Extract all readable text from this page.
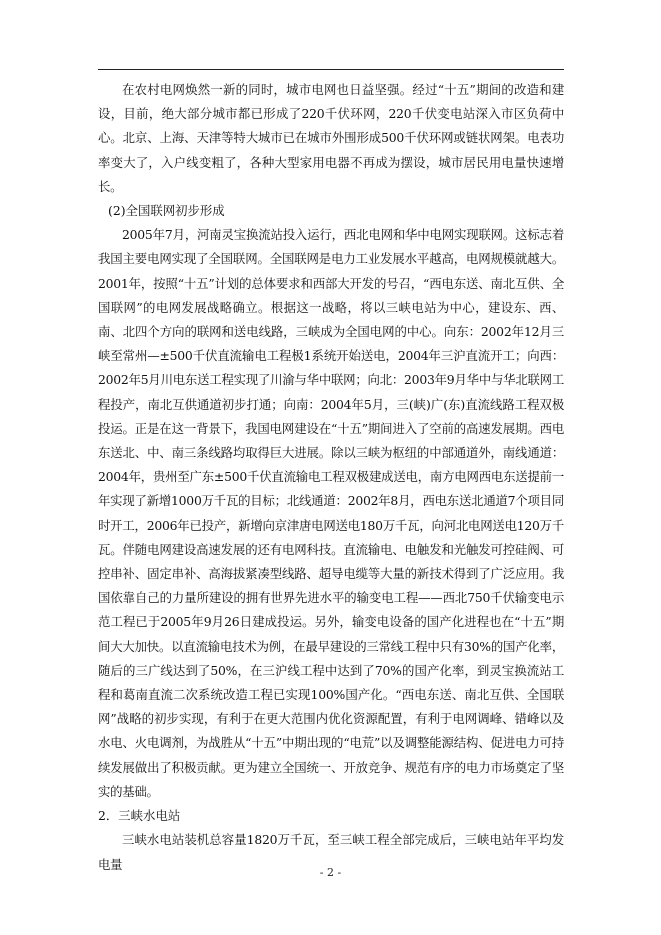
在农村电网焕然一新的同时，城市电网也日益坚强。经过“十五”期间的改造和建设，目前，绝大部分城市都已形成了220千伏环网，220千伏变电站深入市区负荷中心。北京、上海、天津等特大城市已在城市外围形成500千伏环网或链状网架。电表功率变大了，入户线变粗了，各种大型家用电器不再成为摆设，城市居民用电量快速增长。

(2)全国联网初步形成

2005年7月，河南灵宝换流站投入运行，西北电网和华中电网实现联网。这标志着我国主要电网实现了全国联网。全国联网是电力工业发展水平越高，电网规模就越大。2001年，按照“十五”计划的总体要求和西部大开发的号召，“西电东送、南北互供、全国联网”的电网发展战略确立。根据这一战略，将以三峡电站为中心，建设东、西、南、北四个方向的联网和送电线路，三峡成为全国电网的中心。向东：2002年12月三峡至常州—±500千伏直流输电工程极1系统开始送电，2004年三沪直流开工；向西：2002年5月川电东送工程实现了川渝与华中联网；向北：2003年9月华中与华北联网工程投产，南北互供通道初步打通；向南：2004年5月，三(峡)广(东)直流线路工程双极投运。正是在这一背景下，我国电网建设在“十五”期间进入了空前的高速发展期。西电东送北、中、南三条线路均取得巨大进展。除以三峡为枢纽的中部通道外，南线通道：2004年，贵州至广东±500千伏直流输电工程双极建成送电，南方电网西电东送提前一年实现了新增1000万千瓦的目标；北线通道：2002年8月，西电东送北通道7个项目同时开工，2006年已投产，新增向京津唐电网送电180万千瓦，向河北电网送电120万千瓦。伴随电网建设高速发展的还有电网科技。直流输电、电触发和光触发可控硅阀、可控串补、固定串补、高海拔紧凑型线路、超导电缆等大量的新技术得到了广泛应用。我国依靠自己的力量所建设的拥有世界先进水平的输变电工程——西北750千伏输变电示范工程已于2005年9月26日建成投运。另外，输变电设备的国产化进程也在“十五”期间大大加快。以直流输电技术为例，在最早建设的三常线工程中只有30%的国产化率，随后的三广线达到了50%，在三沪线工程中达到了70%的国产化率，到灵宝换流站工程和葛南直流二次系统改造工程已实现100%国产化。“西电东送、南北互供、全国联网”战略的初步实现，有利于在更大范围内优化资源配置，有利于电网调峰、错峰以及水电、火电调剂，为战胜从“十五”中期出现的“电荒”以及调整能源结构、促进电力可持续发展做出了积极贡献。更为建立全国统一、开放竞争、规范有序的电力市场奠定了坚实的基础。

2．三峡水电站

三峡水电站装机总容量1820万千瓦，至三峡工程全部完成后，三峡电站年平均发电量

- 2 -
